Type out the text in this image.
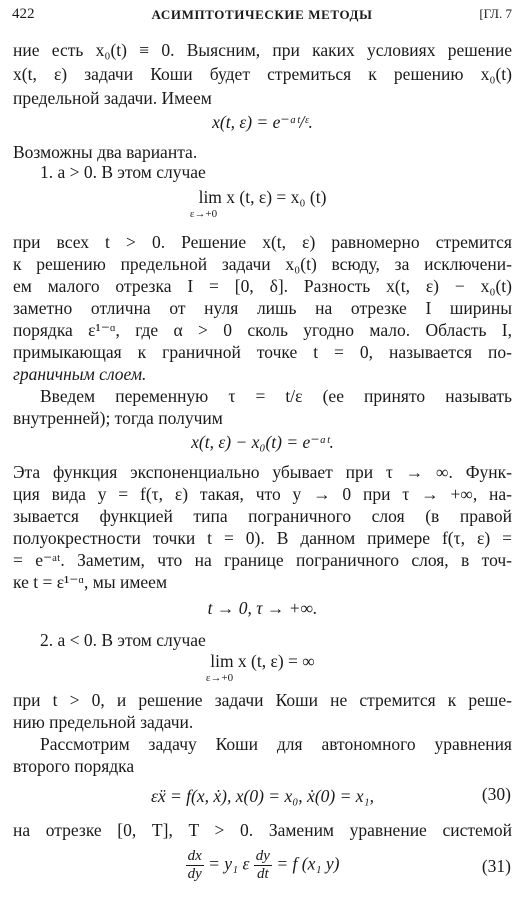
422	АСИМПТОТИЧЕСКИЕ МЕТОДЫ	[ГЛ. 7
ние есть x₀(t) ≡ 0. Выясним, при каких условиях решение
x(t, ε) задачи Коши будет стремиться к решению x₀(t)
предельной задачи. Имеем
x(t, ε) = e⁻ᵃᵗ/ᵋ.
Возможны два варианта.
1. a > 0. В этом случае
lim x (t, ε) = x₀ (t)
ε→+0
при всех t > 0. Решение x(t, ε) равномерно стремится
к решению предельной задачи x₀(t) всюду, за исключени-
ем малого отрезка I = [0, δ]. Разность x(t, ε) − x₀(t)
заметно отлична от нуля лишь на отрезке I ширины
порядка ε¹⁻ᵅ, где α > 0 сколь угодно мало. Область I,
примыкающая к граничной точке t = 0, называется по-
граничным слоем.
Введем переменную τ = t/ε (ее принято называть
внутренней); тогда получим
x(t, ε) − x₀(t) = e⁻ᵃᵗ.
Эта функция экспоненциально убывает при τ → ∞. Функ-
ция вида y = f(τ, ε) такая, что y → 0 при τ → +∞, на-
зывается функцией типа пограничного слоя (в правой
полуокрестности точки t = 0). В данном примере f(τ, ε) =
= e⁻ᵃᵗ. Заметим, что на границе пограничного слоя, в точ-
ке t = ε¹⁻ᵅ, мы имеем
t → 0, τ → +∞.
2. a < 0. В этом случае
lim x (t, ε) = ∞
ε→+0
при t > 0, и решение задачи Коши не стремится к реше-
нию предельной задачи.
Рассмотрим задачу Коши для автономного уравнения
второго порядка
εẍ = f(x, ẋ), x(0) = x₀, ẋ(0) = x₁,	(30)
на отрезке [0, T], T > 0. Заменим уравнение системой
$\frac{dx}{dy} = y_1$ ε $\frac{dy}{dt} = f$ (x₁ y)	(31)
